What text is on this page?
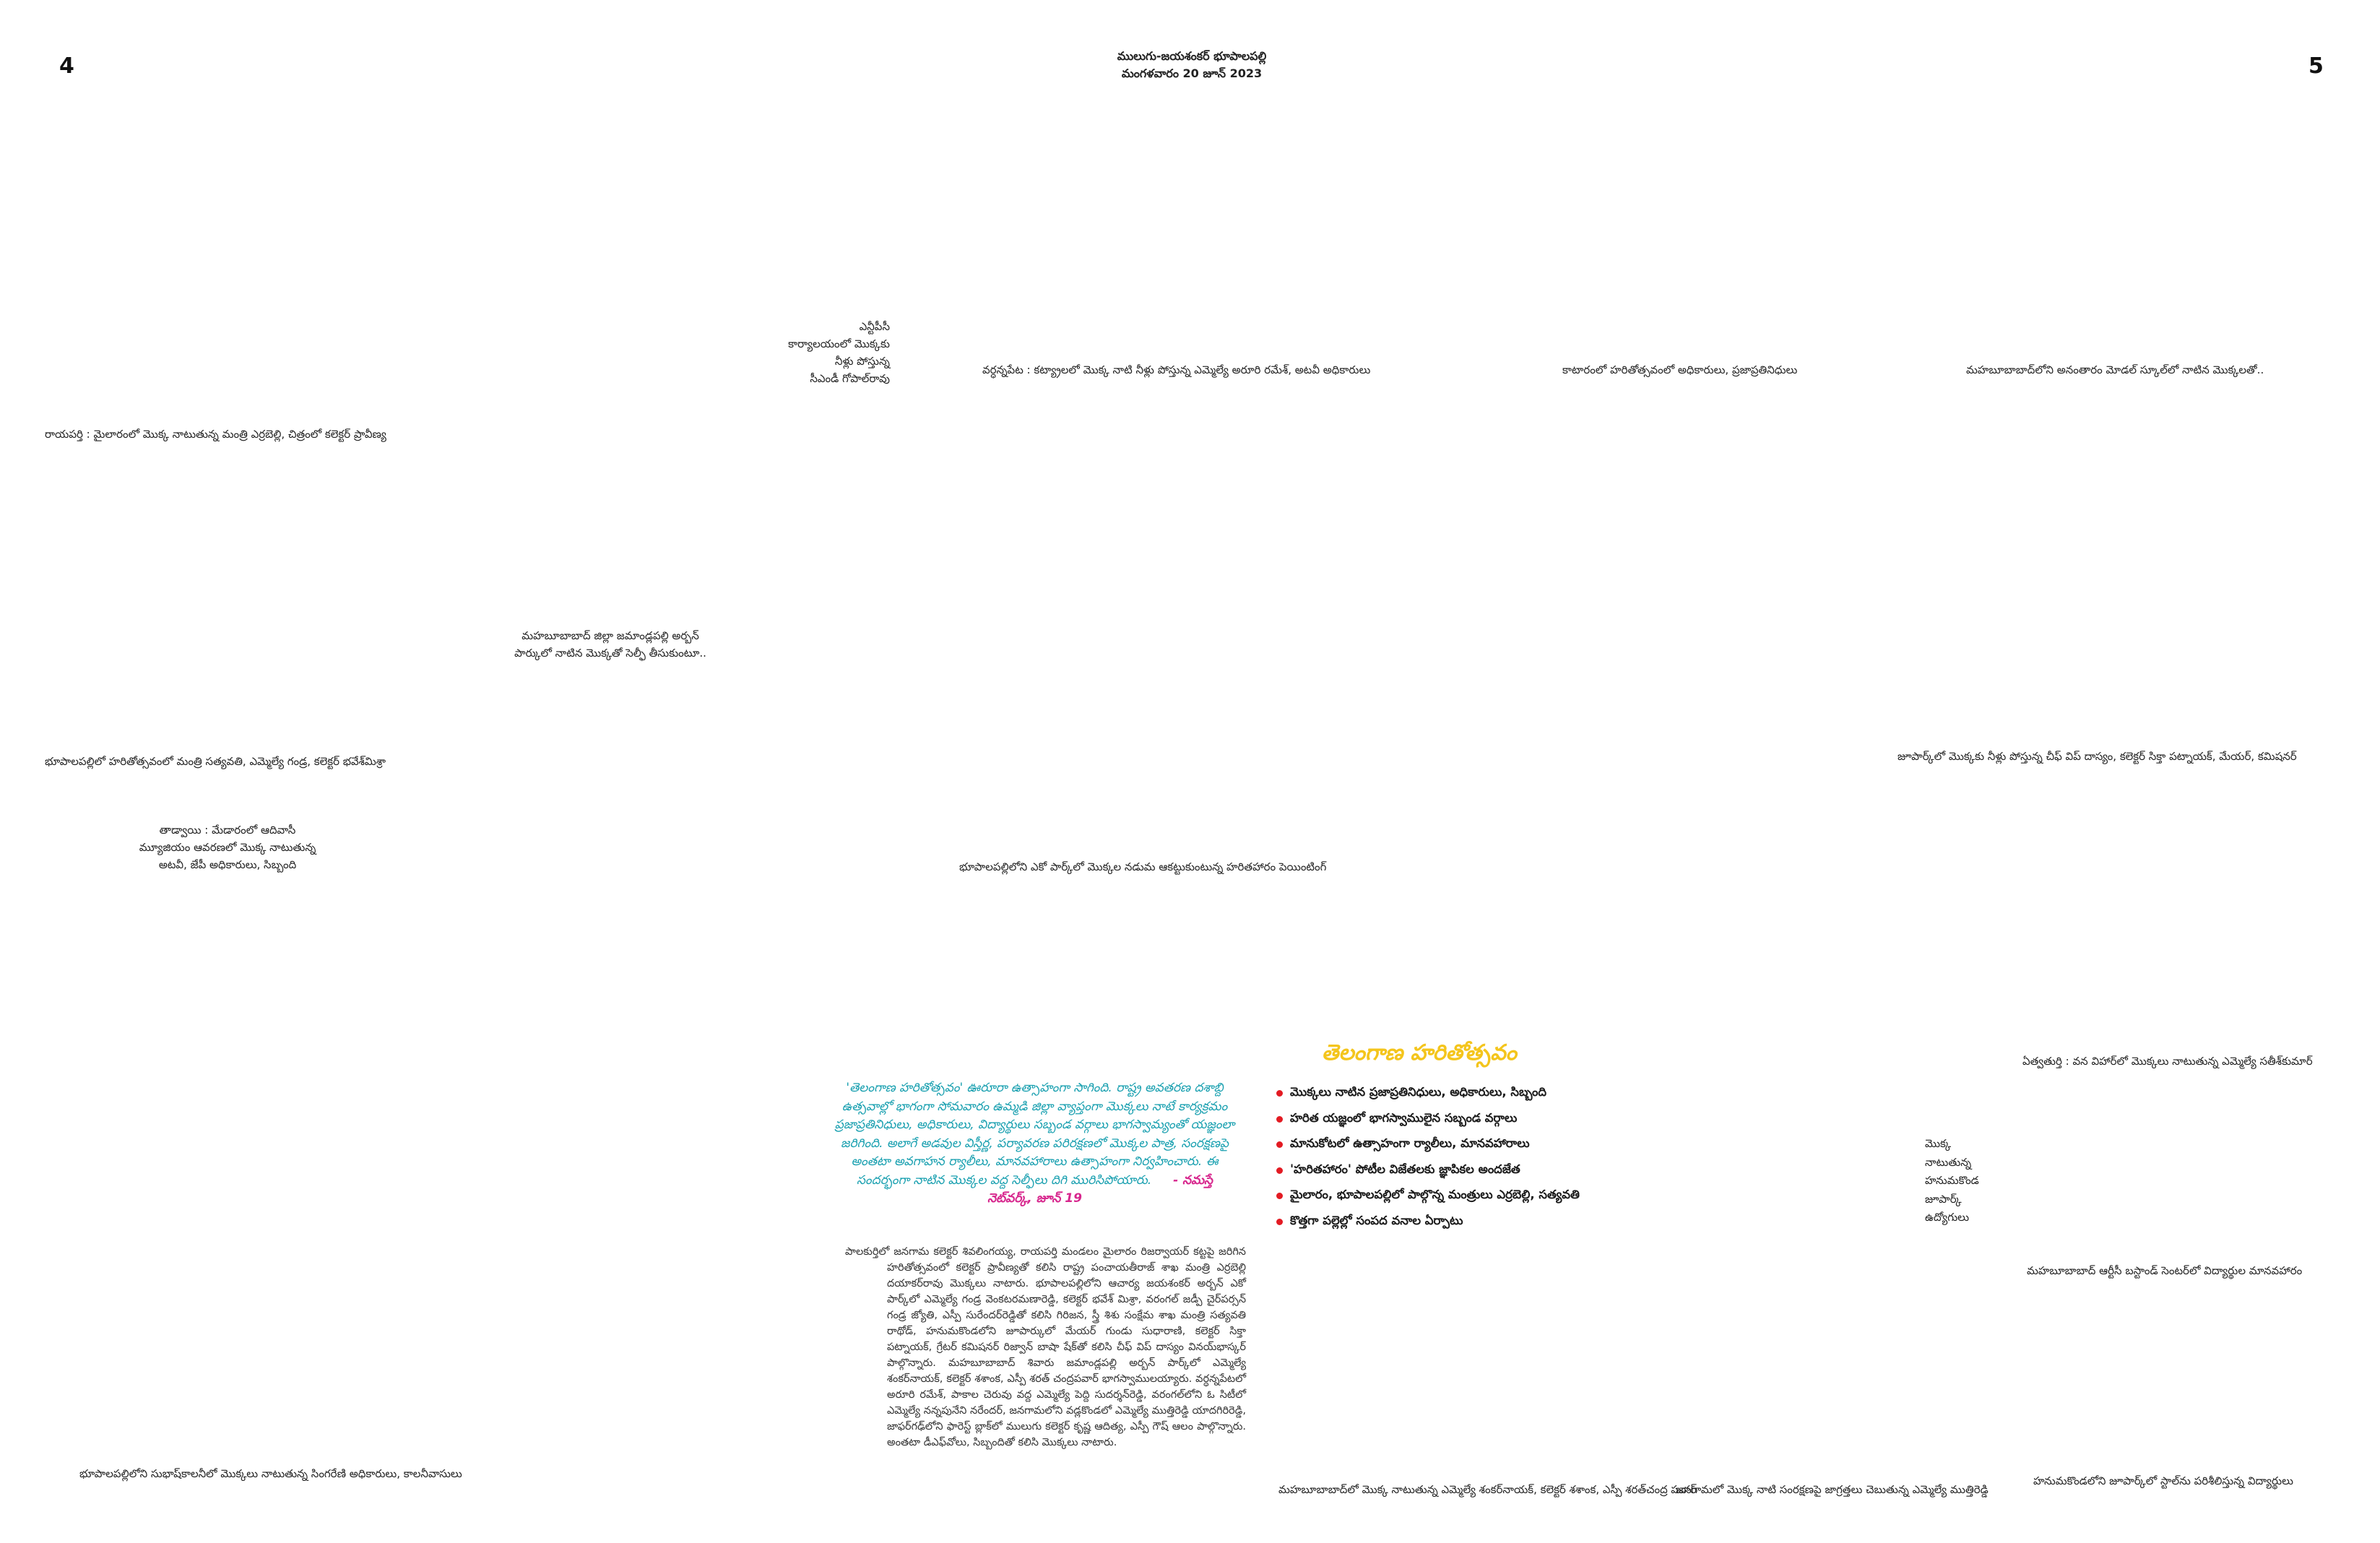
4	5
ములుగు-జయశంకర్ భూపాలపల్లి
మంగళవారం 20 జూన్ 2023
ఎన్టీపీసీ
కార్యాలయంలో మొక్కకు
నీళ్లు పోస్తున్న
సీఎండీ గోపాల్‌రావు
వర్ధన్నపేట : కట్య్రాలలో మొక్క నాటి నీళ్లు పోస్తున్న ఎమ్మెల్యే అరూరి రమేశ్, అటవీ అధికారులు	కాటారంలో హరితోత్సవంలో అధికారులు, ప్రజాప్రతినిధులు	మహబూబాబాద్‌లోని అనంతారం మోడల్ స్కూల్‌లో నాటిన మొక్కలతో..
రాయపర్తి : మైలారంలో మొక్క నాటుతున్న మంత్రి ఎర్రబెల్లి, చిత్రంలో కలెక్టర్ ప్రావీణ్య
మహబూబాబాద్ జిల్లా జమాండ్లపల్లి అర్బన్
పార్కులో నాటిన మొక్కతో సెల్ఫీ తీసుకుంటూ..
భూపాలపల్లిలో హరితోత్సవంలో మంత్రి సత్యవతి, ఎమ్మెల్యే గండ్ర, కలెక్టర్ భవేశ్‌మిశ్రా	జూపార్క్‌లో మొక్కకు నీళ్లు పోస్తున్న చీఫ్ విప్ దాస్యం, కలెక్టర్ సిక్తా పట్నాయక్, మేయర్, కమిషనర్
తాడ్వాయి : మేడారంలో ఆదివాసీ
మ్యూజియం ఆవరణలో మొక్క నాటుతున్న
అటవీ, జేపీ అధికారులు, సిబ్బంది	భూపాలపల్లిలోని ఎకో పార్క్‌లో మొక్కల నడుమ ఆకట్టుకుంటున్న హరితహారం పెయింటింగ్
తెలంగాణ హరితోత్సవం
మొక్కలు నాటిన ప్రజాప్రతినిధులు, అధికారులు, సిబ్బంది
హరిత యజ్ఞంలో భాగస్వాములైన సబ్బండ వర్గాలు
మానుకోటలో ఉత్సాహంగా ర్యాలీలు, మానవహారాలు
'హరితహారం' పోటీల విజేతలకు జ్ఞాపికల అందజేత
మైలారం, భూపాలపల్లిలో పాల్గొన్న మంత్రులు ఎర్రబెల్లి, సత్యవతి
కొత్తగా పల్లెల్లో సంపద వనాల ఏర్పాటు
'తెలంగాణ హరితోత్సవం' ఊరూరా ఉత్సాహంగా సాగింది. రాష్ట్ర అవతరణ దశాబ్ది ఉత్సవాల్లో భాగంగా సోమవారం ఉమ్మడి జిల్లా వ్యాప్తంగా మొక్కలు నాటే కార్యక్రమం ప్రజాప్రతినిధులు, అధికారులు, విద్యార్థులు సబ్బండ వర్గాలు భాగస్వామ్యంతో యజ్ఞంలా జరిగింది. అలాగే అడవుల విస్తీర్ణ, పర్యావరణ పరిరక్షణలో మొక్కల పాత్ర, సంరక్షణపై అంతటా అవగాహన ర్యాలీలు, మానవహారాలు ఉత్సాహంగా నిర్వహించారు. ఈ సందర్భంగా నాటిన మొక్కల వద్ద సెల్ఫీలు దిగి మురిసిపోయారు. - నమస్తే నెట్‌వర్క్, జూన్ 19

పాలకుర్తిలో జనగామ కలెక్టర్ శివలింగయ్య, రాయపర్తి మండలం మైలారం రిజర్వాయర్ కట్టపై జరిగిన హరితోత్సవంలో కలెక్టర్ ప్రావీణ్యతో కలిసి రాష్ట్ర పంచాయతీరాజ్ శాఖ మంత్రి ఎర్రబెల్లి దయాకర్‌రావు మొక్కలు నాటారు. భూపాలపల్లిలోని ఆచార్య జయశంకర్ అర్బన్ ఎకో పార్క్‌లో ఎమ్మెల్యే గండ్ర వెంకటరమణారెడ్డి, కలెక్టర్ భవేశ్ మిశ్రా, వరంగల్ జడ్పీ చైర్‌పర్సన్ గండ్ర జ్యోతి, ఎస్పీ సురేందర్‌రెడ్డితో కలిసి గిరిజన, స్త్రీ శిశు సంక్షేమ శాఖ మంత్రి సత్యవతి రాథోడ్, హనుమకొండలోని జూపార్కులో మేయర్ గుండు సుధారాణి, కలెక్టర్ సిక్తా పట్నాయక్, గ్రేటర్ కమిషనర్ రిజ్వాన్ బాషా షేక్‌తో కలిసి చీఫ్ విప్ దాస్యం వినయ్‌భాస్కర్ పాల్గొన్నారు. మహబూబాబాద్ శివారు జమాండ్లపల్లి అర్బన్ పార్క్‌లో ఎమ్మెల్యే శంకర్‌నాయక్, కలెక్టర్ శశాంక, ఎస్పీ శరత్ చంద్రపవార్ భాగస్వాములయ్యారు. వర్ధన్నపేటలో అరూరి రమేశ్, పాకాల చెరువు వద్ద ఎమ్మెల్యే పెద్ది సుదర్శన్‌రెడ్డి, వరంగల్‌లోని ఓ సిటీలో ఎమ్మెల్యే నన్నపునేని నరేందర్, జనగామలోని వడ్లకొండలో ఎమ్మెల్యే ముత్తిరెడ్డి యాదగిరిరెడ్డి, జాఫర్‌గఢ్‌లోని ఫారెస్ట్ బ్లాక్‌లో ములుగు కలెక్టర్ కృష్ణ ఆదిత్య, ఎస్పీ గౌష్ ఆలం పాల్గొన్నారు. అంతటా డీఎఫ్‌వోలు, సిబ్బందితో కలిసి మొక్కలు నాటారు.

ఏత్వతుర్తి : వన విహార్‌లో మొక్కలు నాటుతున్న ఎమ్మెల్యే సతీశ్‌కుమార్
మొక్క
నాటుతున్న
హనుమకొండ
జూపార్క్
ఉద్యోగులు
మహబూబాబాద్ ఆర్టీసీ బస్టాండ్ సెంటర్‌లో విద్యార్థుల మానవహారం
భూపాలపల్లిలోని సుభాష్‌కాలనీలో మొక్కలు నాటుతున్న సింగరేణి అధికారులు, కాలనీవాసులు
మహబూబాబాద్‌లో మొక్క నాటుతున్న ఎమ్మెల్యే శంకర్‌నాయక్, కలెక్టర్ శశాంక, ఎస్పీ శరత్‌చంద్ర పవార్
జనగామలో మొక్క నాటి సంరక్షణపై జాగ్రత్తలు చెబుతున్న ఎమ్మెల్యే ముత్తిరెడ్డి
హనుమకొండలోని జూపార్క్‌లో స్టాల్‌ను పరిశీలిస్తున్న విద్యార్థులు
